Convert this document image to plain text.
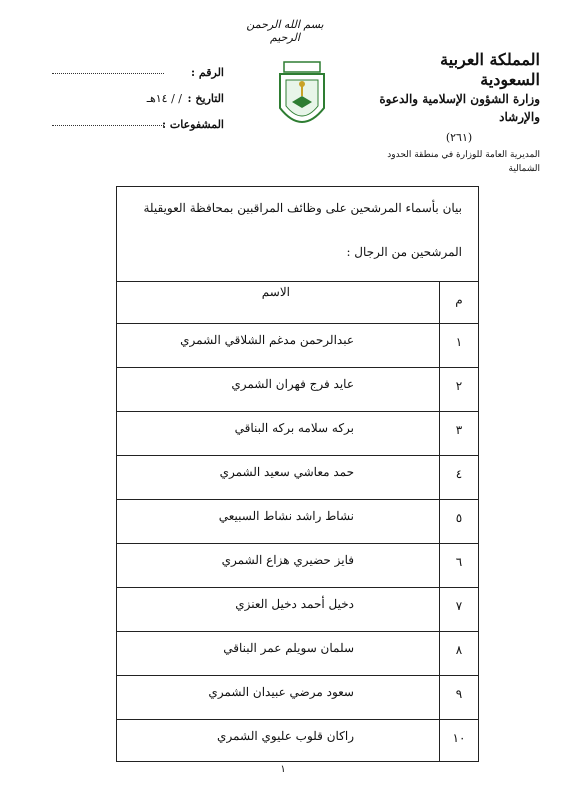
بسم الله الرحمن الرحيم
الرقم :
التاريخ :
/ / ١٤هـ
المشفوعات :
المملكة العربية السعودية
وزارة الشؤون الإسلامية والدعوة والإرشاد
(٢٦١)
المديرية العامة للوزارة في منطقة الحدود الشمالية
بيان بأسماء المرشحين على وظائف المراقبين بمحافظة العويقيلة
المرشحين من الرجال :
م
الاسم
١
عبدالرحمن مدغم الشلاقي الشمري
٢
عايد فرج فهران الشمري
٣
بركه سلامه بركه البناقي
٤
حمد معاشي سعيد الشمري
٥
نشاط راشد نشاط السبيعي
٦
فايز حضيري هزاع الشمري
٧
دخيل أحمد دخيل العنزي
٨
سلمان سويلم عمر البناقي
٩
سعود مرضي عبيدان الشمري
١٠
راكان قلوب عليوي الشمري
١
